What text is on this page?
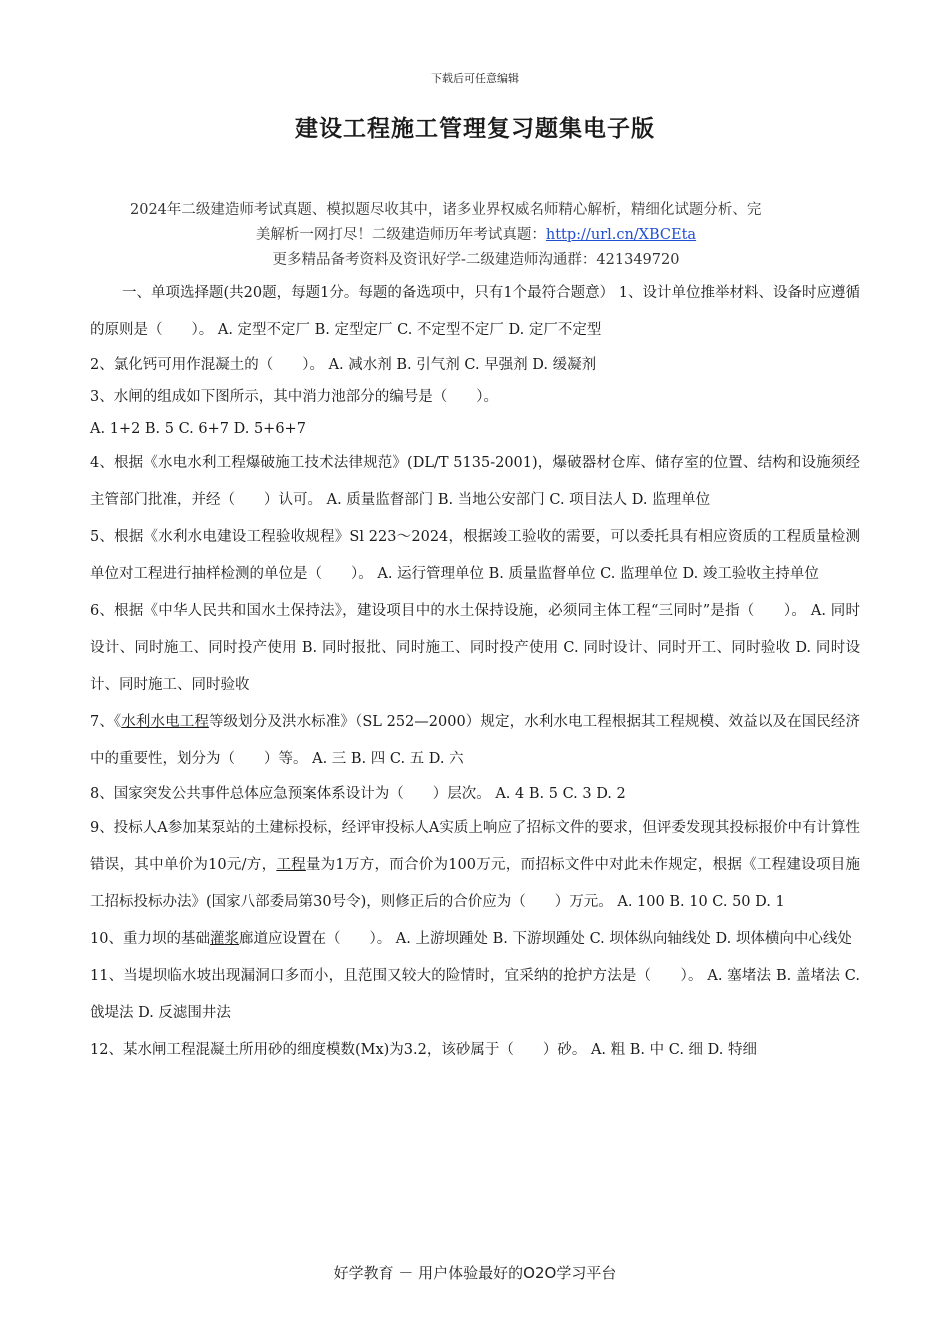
下载后可任意编辑
建设工程施工管理复习题集电子版
2024年二级建造师考试真题、模拟题尽收其中，诸多业界权威名师精心解析，精细化试题分析、完
美解析一网打尽！二级建造师历年考试真题：http://url.cn/XBCEta
更多精品备考资料及资讯好学-二级建造师沟通群：421349720

一、单项选择题(共20题，每题1分。每题的备选项中，只有1个最符合题意） 1、设计单位推举材料、设备时应遵循的原则是（　　）。 A. 定型不定厂 B. 定型定厂 C. 不定型不定厂 D. 定厂不定型

2、氯化钙可用作混凝土的（　　）。 A. 减水剂 B. 引气剂 C. 早强剂 D. 缓凝剂

3、水闸的组成如下图所示，其中消力池部分的编号是（　　）。

A. 1+2 B. 5 C. 6+7 D. 5+6+7

4、根据《水电水利工程爆破施工技术法律规范》(DL/T 5135-2001)，爆破器材仓库、储存室的位置、结构和设施须经主管部门批准，并经（　　）认可。 A. 质量监督部门 B. 当地公安部门 C. 项目法人 D. 监理单位

5、根据《水利水电建设工程验收规程》Sl 223～2024，根据竣工验收的需要，可以委托具有相应资质的工程质量检测单位对工程进行抽样检测的单位是（　　）。 A. 运行管理单位 B. 质量监督单位 C. 监理单位 D. 竣工验收主持单位

6、根据《中华人民共和国水土保持法》，建设项目中的水土保持设施，必须同主体工程“三同时”是指（　　）。 A. 同时设计、同时施工、同时投产使用 B. 同时报批、同时施工、同时投产使用 C. 同时设计、同时开工、同时验收 D. 同时设计、同时施工、同时验收

7、《水利水电工程等级划分及洪水标准》（SL 252—2000）规定，水利水电工程根据其工程规模、效益以及在国民经济中的重要性，划分为（　　）等。 A. 三 B. 四 C. 五 D. 六

8、国家突发公共事件总体应急预案体系设计为（　　）层次。 A. 4 B. 5 C. 3 D. 2

9、投标人A参加某泵站的土建标投标，经评审投标人A实质上响应了招标文件的要求，但评委发现其投标报价中有计算性错误，其中单价为10元/方，工程量为1万方，而合价为100万元，而招标文件中对此未作规定，根据《工程建设项目施工招标投标办法》(国家八部委局第30号令)，则修正后的合价应为（　　）万元。 A. 100 B. 10 C. 50 D. 1

10、重力坝的基础灌浆廊道应设置在（　　）。 A. 上游坝踵处 B. 下游坝踵处 C. 坝体纵向轴线处 D. 坝体横向中心线处

11、当堤坝临水坡出现漏洞口多而小，且范围又较大的险情时，宜采纳的抢护方法是（　　）。 A. 塞堵法 B. 盖堵法 C. 戗堤法 D. 反滤围井法

12、某水闸工程混凝土所用砂的细度模数(Mx)为3.2，该砂属于（　　）砂。 A. 粗 B. 中 C. 细 D. 特细

好学教育 － 用户体验最好的O2O学习平台
